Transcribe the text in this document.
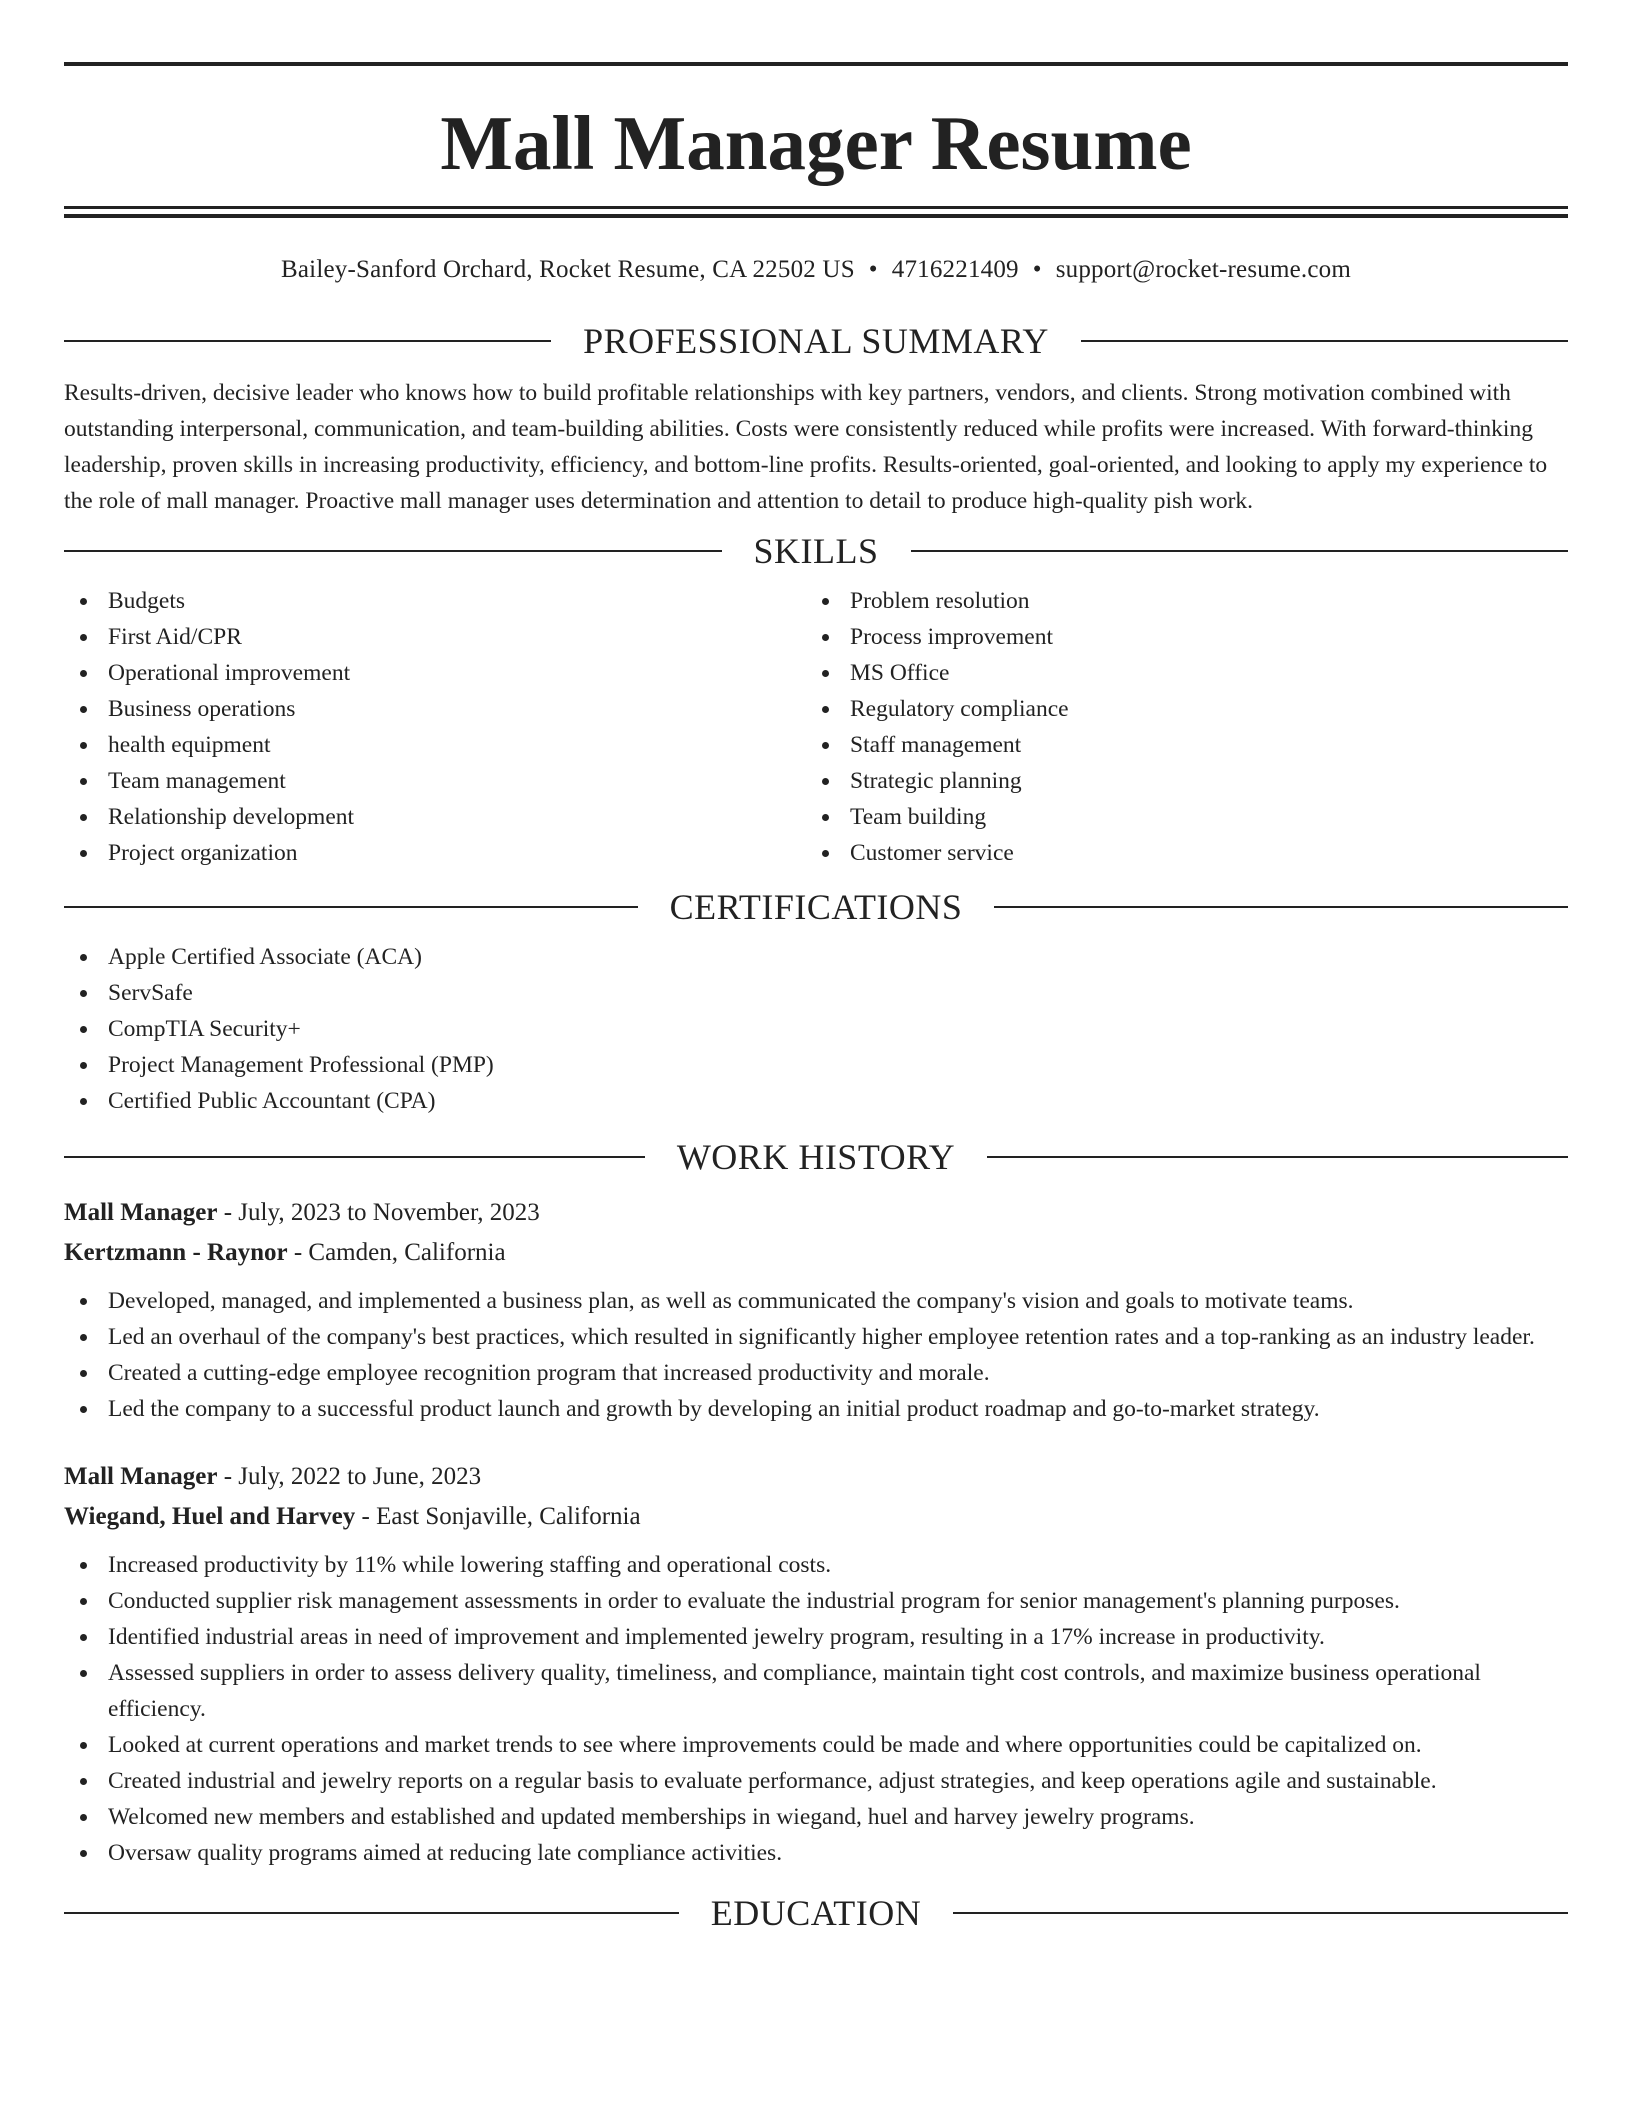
Mall Manager Resume
Bailey-Sanford Orchard, Rocket Resume, CA 22502 US • 4716221409 • support@rocket-resume.com
PROFESSIONAL SUMMARY

Results-driven, decisive leader who knows how to build profitable relationships with key partners, vendors, and clients. Strong motivation combined with outstanding interpersonal, communication, and team-building abilities. Costs were consistently reduced while profits were increased. With forward-thinking leadership, proven skills in increasing productivity, efficiency, and bottom-line profits. Results-oriented, goal-oriented, and looking to apply my experience to the role of mall manager. Proactive mall manager uses determination and attention to detail to produce high-quality pish work.

SKILLS
Budgets
First Aid/CPR
Operational improvement
Business operations
health equipment
Team management
Relationship development
Project organization
Problem resolution
Process improvement
MS Office
Regulatory compliance
Staff management
Strategic planning
Team building
Customer service
CERTIFICATIONS
Apple Certified Associate (ACA)
ServSafe
CompTIA Security+
Project Management Professional (PMP)
Certified Public Accountant (CPA)
WORK HISTORY
Mall Manager - July, 2023 to November, 2023
Kertzmann - Raynor - Camden, California
Developed, managed, and implemented a business plan, as well as communicated the company's vision and goals to motivate teams.
Led an overhaul of the company's best practices, which resulted in significantly higher employee retention rates and a top-ranking as an industry leader.
Created a cutting-edge employee recognition program that increased productivity and morale.
Led the company to a successful product launch and growth by developing an initial product roadmap and go-to-market strategy.
Mall Manager - July, 2022 to June, 2023
Wiegand, Huel and Harvey - East Sonjaville, California
Increased productivity by 11% while lowering staffing and operational costs.
Conducted supplier risk management assessments in order to evaluate the industrial program for senior management's planning purposes.
Identified industrial areas in need of improvement and implemented jewelry program, resulting in a 17% increase in productivity.
Assessed suppliers in order to assess delivery quality, timeliness, and compliance, maintain tight cost controls, and maximize business operational efficiency.
Looked at current operations and market trends to see where improvements could be made and where opportunities could be capitalized on.
Created industrial and jewelry reports on a regular basis to evaluate performance, adjust strategies, and keep operations agile and sustainable.
Welcomed new members and established and updated memberships in wiegand, huel and harvey jewelry programs.
Oversaw quality programs aimed at reducing late compliance activities.
EDUCATION
